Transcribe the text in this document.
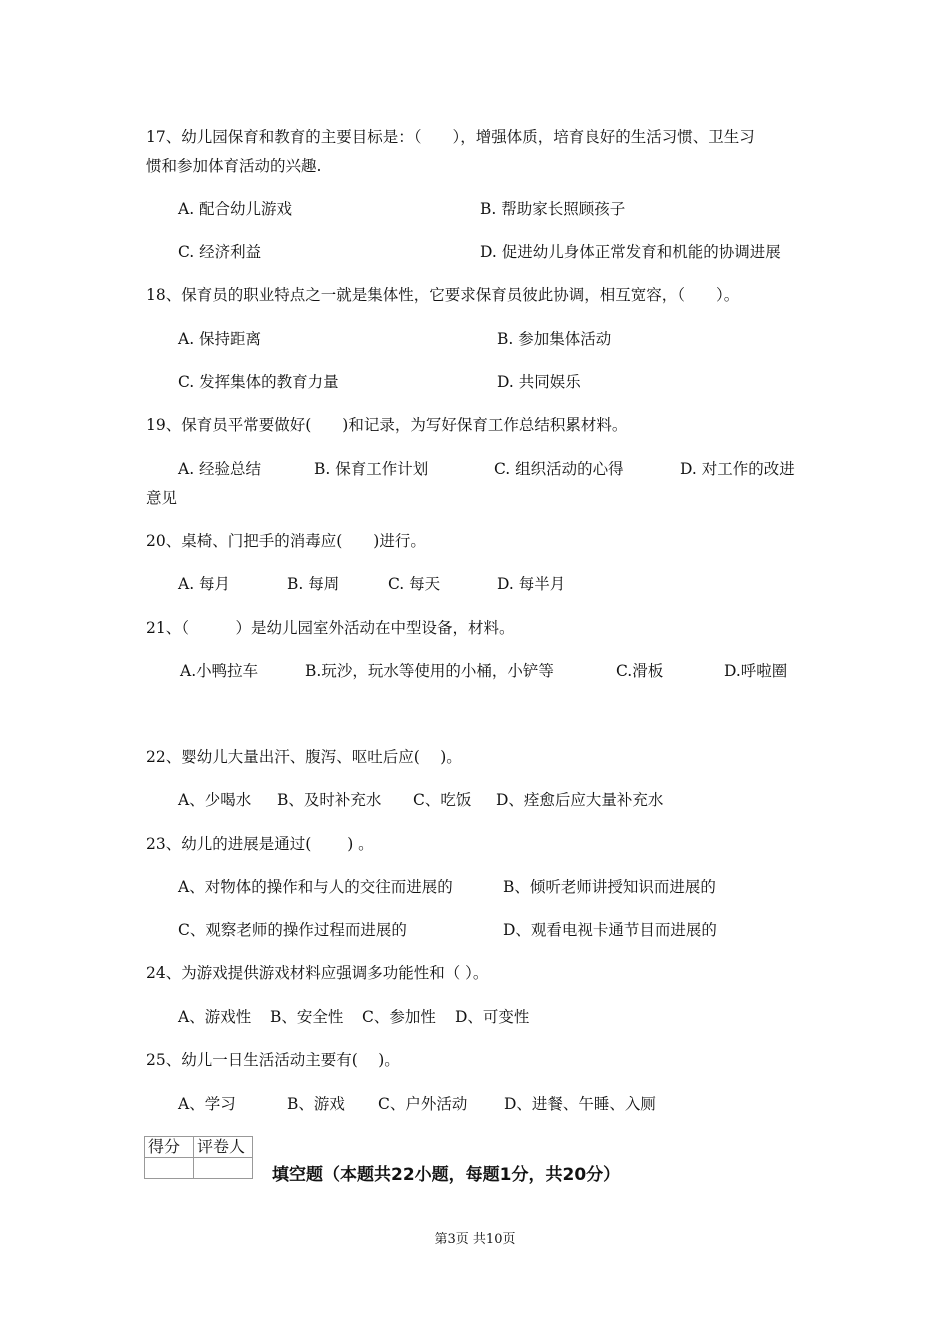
17、幼儿园保育和教育的主要目标是：（　　），增强体质，培育良好的生活习惯、卫生习
惯和参加体育活动的兴趣.
A. 配合幼儿游戏	B. 帮助家长照顾孩子
C. 经济利益	D. 促进幼儿身体正常发育和机能的协调进展
18、保育员的职业特点之一就是集体性，它要求保育员彼此协调，相互宽容，（　　）。
A. 保持距离	B. 参加集体活动
C. 发挥集体的教育力量	D. 共同娱乐
19、保育员平常要做好(　　)和记录，为写好保育工作总结积累材料。
A. 经验总结	B. 保育工作计划	C. 组织活动的心得	D. 对工作的改进
意见
20、桌椅、门把手的消毒应(　　)进行。
A. 每月	B. 每周	C. 每天	D. 每半月
21、（　　　）是幼儿园室外活动在中型设备，材料。
A.小鸭拉车	B.玩沙，玩水等使用的小桶，小铲等	C.滑板	D.呼啦圈
22、婴幼儿大量出汗、腹泻、呕吐后应(　 )。
A、少喝水 B、及时补充水 C、吃饭 D、痊愈后应大量补充水
23、幼儿的进展是通过(　　 ) 。
A、对物体的操作和与人的交往而进展的	B、倾听老师讲授知识而进展的
C、观察老师的操作过程而进展的	D、观看电视卡通节目而进展的
24、为游戏提供游戏材料应强调多功能性和（ ）。
A、游戏性 B、安全性 C、参加性 D、可变性
25、幼儿一日生活活动主要有(　 )。
A、学习	B、游戏 C、户外活动 D、进餐、午睡、入厕
得分	评卷人

填空题（本题共22小题，每题1分，共20分）
第3页 共10页
